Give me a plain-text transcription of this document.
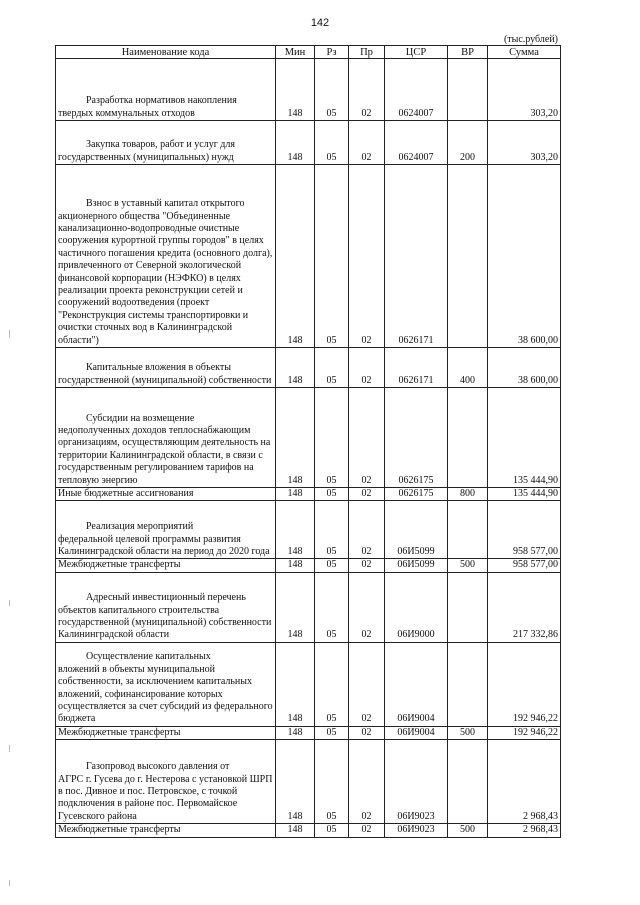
142
(тыс.рублей)
Наименование кода	Мин	Рз	Пр	ЦСР	ВР	Сумма

Разработка нормативов накопления
твердых коммунальных отходов	148	05	02	0624007		303,20

Закупка товаров, работ и услуг для
государственных (муниципальных) нужд	148	05	02	0624007	200	303,20

Взнос в уставный капитал открытого
акционерного общества "Объединенные канализационно-водопроводные очистные сооружения курортной группы городов" в целях частичного погашения кредита (основного долга), привлеченного от Северной экологической финансовой корпорации (НЭФКО) в целях реализации проекта реконструкции сетей и сооружений водоотведения (проект "Реконструкция системы транспортировки и очистки сточных вод в Калининградской области")	148	05	02	0626171		38 600,00

Капитальные вложения в объекты
государственной (муниципальной) собственности	148	05	02	0626171	400	38 600,00

Субсидии на возмещение
недополученных доходов теплоснабжающим организациям, осуществляющим деятельность на территории Калининградской области, в связи с государственным регулированием тарифов на тепловую энергию	148	05	02	0626175		135 444,90

Иные бюджетные ассигнования	148	05	02	0626175	800	135 444,90

Реализация мероприятий
федеральной целевой программы развития Калининградской области на период до 2020 года	148	05	02	06И5099		958 577,00

Межбюджетные трансферты	148	05	02	06И5099	500	958 577,00

Адресный инвестиционный перечень
объектов капитального строительства государственной (муниципальной) собственности Калининградской области	148	05	02	06И9000		217 332,86

Осуществление капитальных
вложений в объекты муниципальной собственности, за исключением капитальных вложений, софинансирование которых осуществляется за счет субсидий из федерального бюджета	148	05	02	06И9004		192 946,22

Межбюджетные трансферты	148	05	02	06И9004	500	192 946,22

Газопровод высокого давления от
АГРС г. Гусева до г. Нестерова с установкой ШРП в пос. Дивное и пос. Петровское, с точкой подключения в районе пос. Первомайское Гусевского района	148	05	02	06И9023		2 968,43

Межбюджетные трансферты	148	05	02	06И9023	500	2 968,43
